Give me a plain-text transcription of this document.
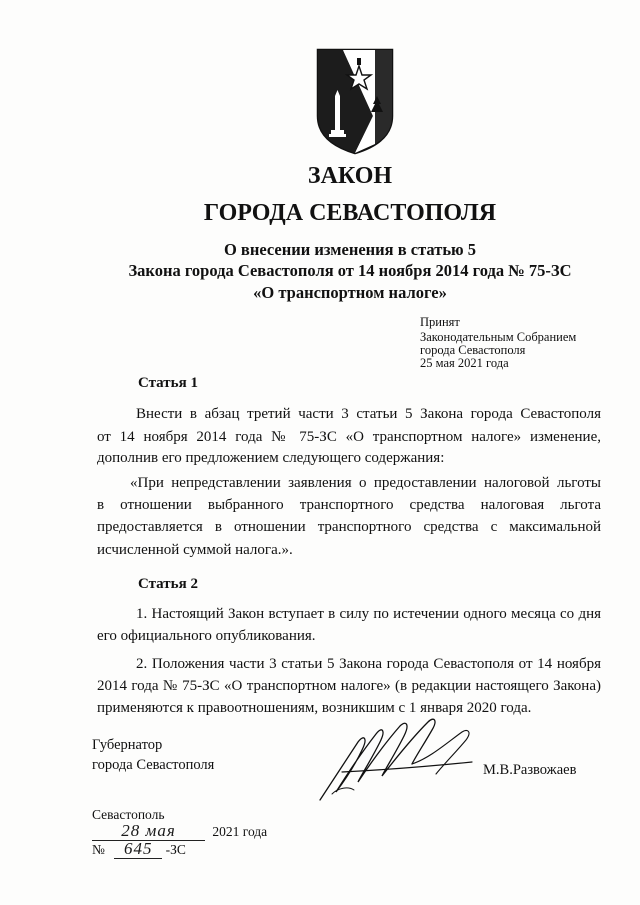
ЗАКОН
ГОРОДА СЕВАСТОПОЛЯ
О внесении изменения в статью 5
Закона города Севастополя от 14 ноября 2014 года № 75-ЗС
«О транспортном налоге»
Принят
Законодательным Собранием
города Севастополя
25 мая 2021 года
Статья 1
Внести в абзац третий части 3 статьи 5 Закона города Севастополя
от 14 ноября 2014 года № 75-ЗС «О транспортном налоге» изменение,
дополнив его предложением следующего содержания:
«При непредставлении заявления о предоставлении налоговой льготы
в отношении выбранного транспортного средства налоговая льгота
предоставляется в отношении транспортного средства с максимальной
исчисленной суммой налога.».
Статья 2
1. Настоящий Закон вступает в силу по истечении одного месяца со дня
его официального опубликования.
2. Положения части 3 статьи 5 Закона города Севастополя от 14 ноября
2014 года № 75-ЗС «О транспортном налоге» (в редакции настоящего Закона)
применяются к правоотношениям, возникшим с 1 января 2020 года.
Губернатор
города Севастополя	М.В.Развожаев
Севастополь
28 мая	2021 года
№ 645 -ЗС
